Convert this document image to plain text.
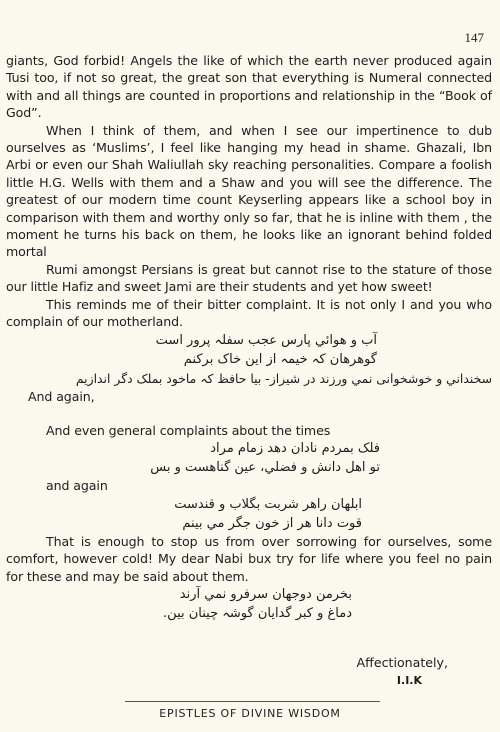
147

giants, God forbid! Angels the like of which the earth never produced again Tusi too, if not so great, the great son that everything is Numeral connected with and all things are counted in proportions and relationship in the “Book of God”.

When I think of them, and when I see our impertinence to dub ourselves as ‘Muslims’, I feel like hanging my head in shame. Ghazali, Ibn Arbi or even our Shah Waliullah sky reaching personalities. Compare a foolish little H.G. Wells with them and a Shaw and you will see the difference. The greatest of our modern time count Keyserling appears like a school boy in comparison with them and worthy only so far, that he is inline with them , the moment he turns his back on them, he looks like an ignorant behind folded mortal

Rumi amongst Persians is great but cannot rise to the stature of those our little Hafiz and sweet Jami are their students and yet how sweet!

This reminds me of their bitter complaint. It is not only I and you who complain of our motherland.

آب و هوائي پارس عجب سفلہ پرور است

گوهرهان کہ خیمہ از این خاک برکنم

سخنداني و خوشخوانی نمي ورزند در شیراز- بیا حافظ کہ ماخود بملک دگر اندازیم

And again,

And even general complaints about the times

فلک بمردم نادان دهد زمام مراد

تو اهل دانش و فضلي، عین گناهست و بس

and again

ابلهان راهر شربت بگلاب و قندست

قوت دانا هر از خون جگر مي بینم

That is enough to stop us from over sorrowing for ourselves, some comfort, however cold! My dear Nabi bux try for life where you feel no pain for these and may be said about them.

بخرمن دوجهان سرفرو نمي آرند

دماغ و کبر گدایان گوشہ چینان بین.

Affectionately,
I.I.K
EPISTLES OF DIVINE WISDOM
